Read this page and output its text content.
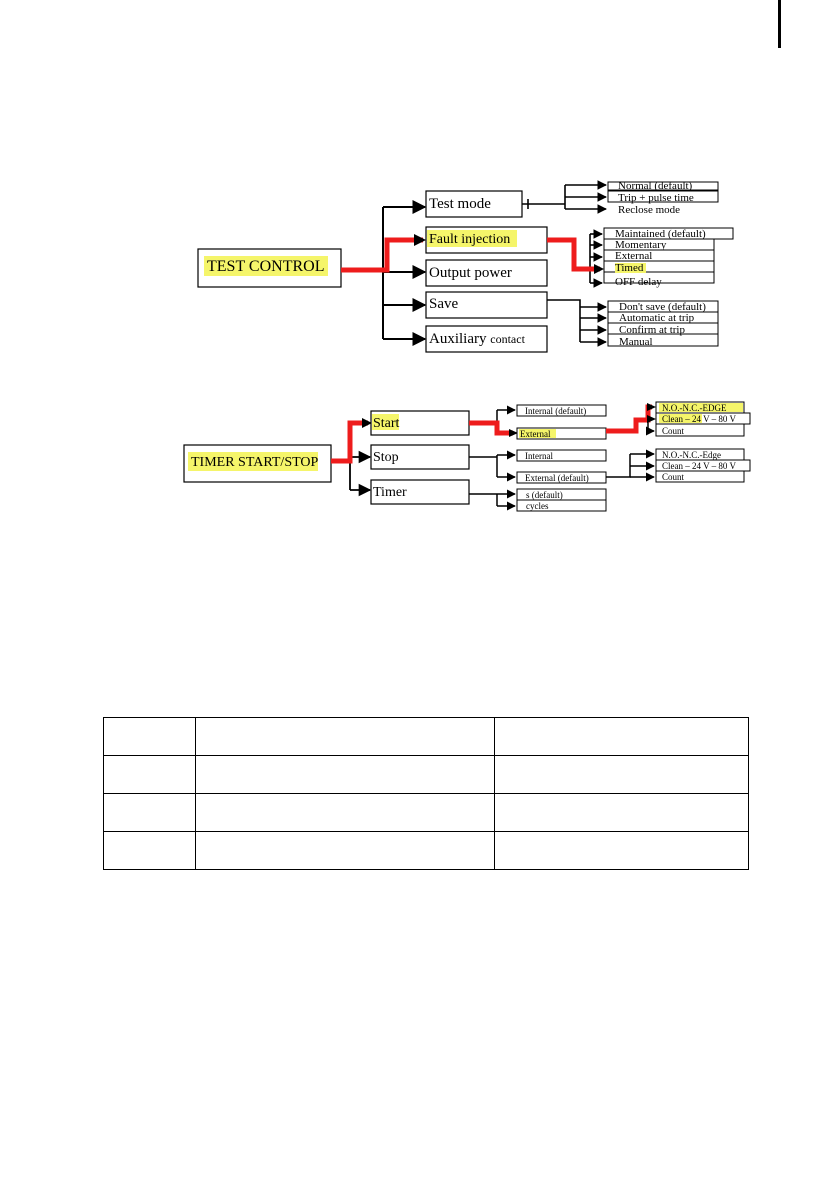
TEST CONTROL
Test mode
Fault injection
Output power
Save
Auxiliary contact
Normal (default)
Trip + pulse time
Reclose mode
Maintained (default)
Momentary
External
Timed
OFF delay
Don't save (default)
Automatic at trip
Confirm at trip
Manual
TIMER START/STOP
Start
Stop
Timer
Internal (default)
External
N.O.-N.C.-EDGE
Clean – 24 V – 80 V
Count
Internal
External (default)
N.O.-N.C.-Edge
Clean – 24 V – 80 V
Count
s (default)
cycles
